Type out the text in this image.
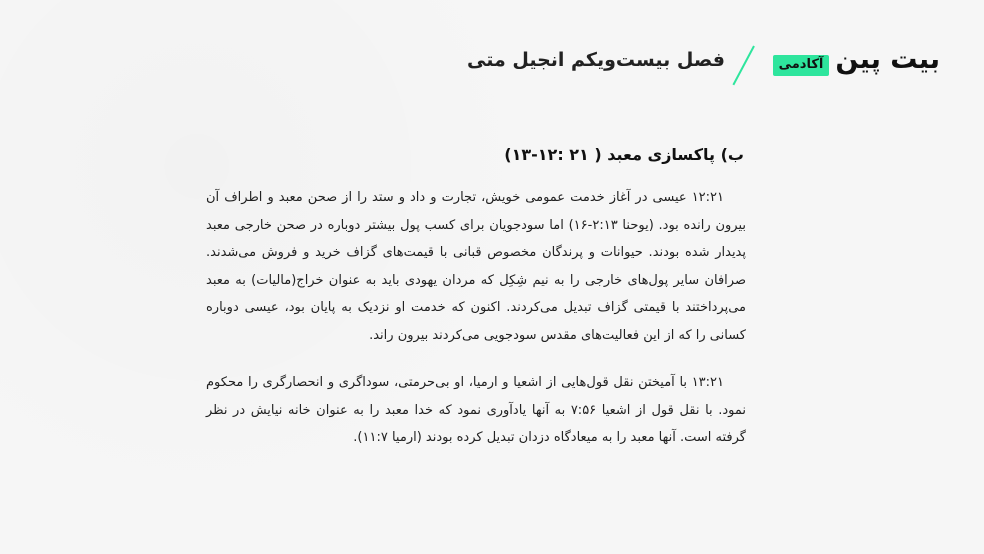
آکادمی بیت پین
فصل بیست‌ویکم انجیل متی
ب) پاکسازی معبد ( ۲۱ :۱۲-۱۳)

۱۲:۲۱ عیسی در آغاز خدمت عمومی خویش، تجارت و داد و ستد را از صحن معبد و اطراف آن بیرون رانده بود. (یوحنا ۲:۱۳-۱۶) اما سودجویان برای کسب پول بیشتر دوباره در صحن خارجی معبد پدیدار شده بودند. حیوانات و پرندگان مخصوص قبانی با قیمت‌های گزاف خرید و فروش می‌شدند. صرافان سایر پول‌های خارجی را به نیم شِکِل که مردان یهودی باید به عنوان خراج(مالیات) به معبد می‌پرداختند با قیمتی گزاف تبدیل می‌کردند. اکنون که خدمت او نزدیک به پایان بود، عیسی دوباره کسانی را که از این فعالیت‌های مقدس سودجویی می‌کردند بیرون راند.

۱۳:۲۱ با آمیختن نقل قول‌هایی از اشعیا و ارمیا، او بی‌حرمتی، سوداگری و انحصارگری را محکوم نمود. با نقل قول از اشعیا ۷:۵۶ به آنها یادآوری نمود که خدا معبد را به عنوان خانه نیایش در نظر گرفته است. آنها معبد را به میعادگاه دزدان تبدیل کرده بودند (ارمیا ۱۱:۷).
